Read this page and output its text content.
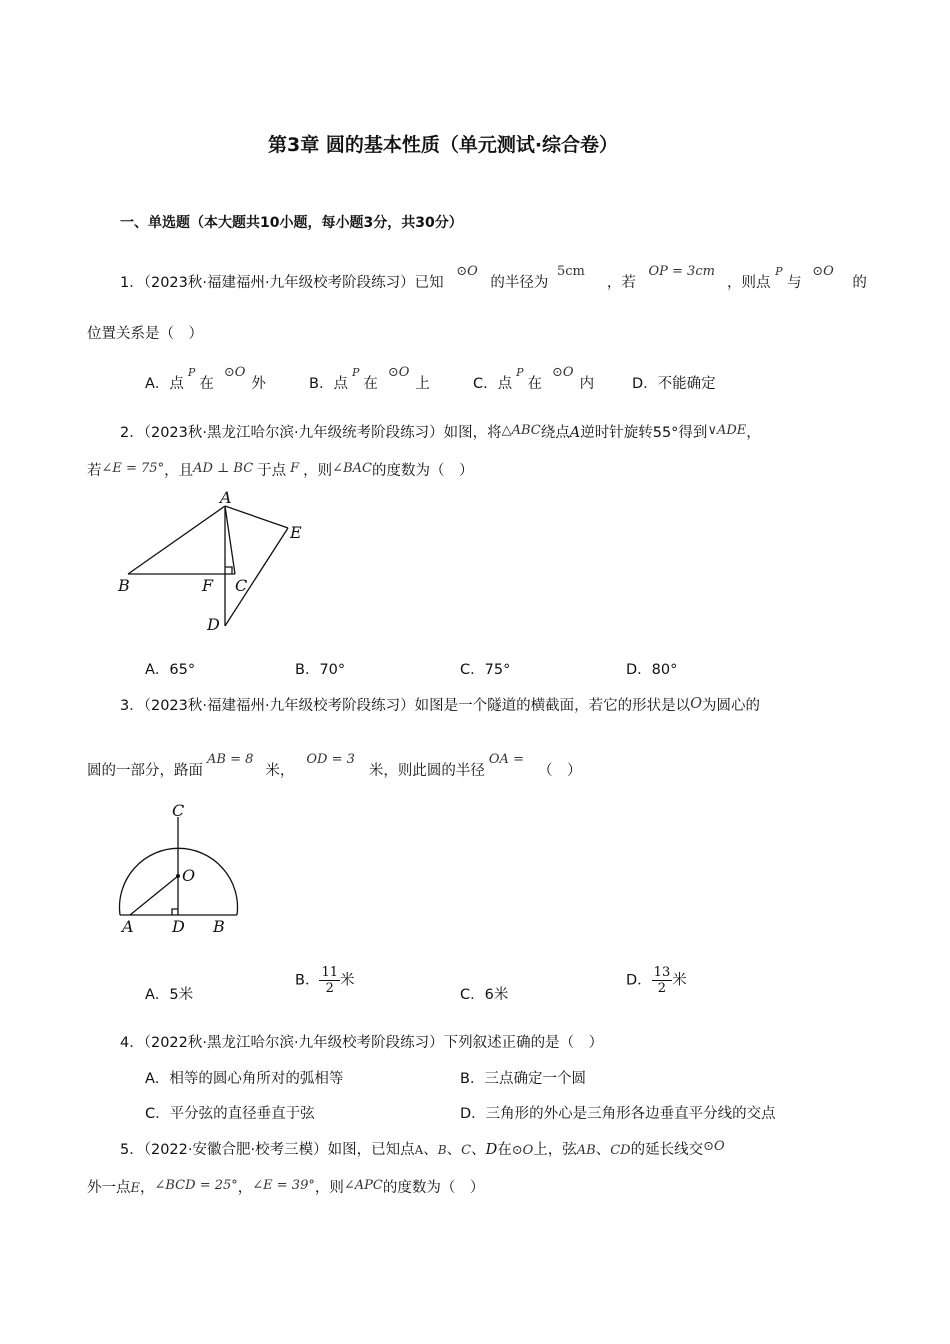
第3章 圆的基本性质（单元测试·综合卷）
一、单选题（本大题共10小题，每小题3分，共30分）
1．（2023秋·福建福州·九年级校考阶段练习）已知 ⊙O 的半径为 5cm，若 OP = 3cm，则点 $^P$ 与 ⊙O 的
位置关系是（　）
A．点$^P$在⊙O外	B．点$^P$在⊙O上	C．点$^P$在⊙O内	D．不能确定
2．（2023秋·黑龙江哈尔滨·九年级统考阶段练习）如图，将△ABC绕点A逆时针旋转55°得到∨ADE，
若∠E = 75°，且AD ⊥ BC 于点 F ，则∠BAC的度数为（　）
A
B	C
D
E
F
A．65°	B．70°	C．75°	D．80°
3．（2023秋·福建福州·九年级校考阶段练习）如图是一个隧道的横截面，若它的形状是以O为圆心的
圆的一部分，路面AB = 8米，OD = 3米，则此圆的半径OA =（　）
C
O
A D B
A．5米
B． $\frac{11}{2}$ 米
C．6米
D． $\frac{13}{2}$ 米
4．（2022秋·黑龙江哈尔滨·九年级校考阶段练习）下列叙述正确的是（　）
A．相等的圆心角所对的弧相等	B．三点确定一个圆
C．平分弦的直径垂直于弦	D．三角形的外心是三角形各边垂直平分线的交点
5．（2022·安徽合肥·校考三模）如图，已知点A、B、C、D在⊙O上，弦AB、CD的延长线交⊙O
外一点E，∠BCD = 25°，∠E = 39°，则∠APC的度数为（　）
